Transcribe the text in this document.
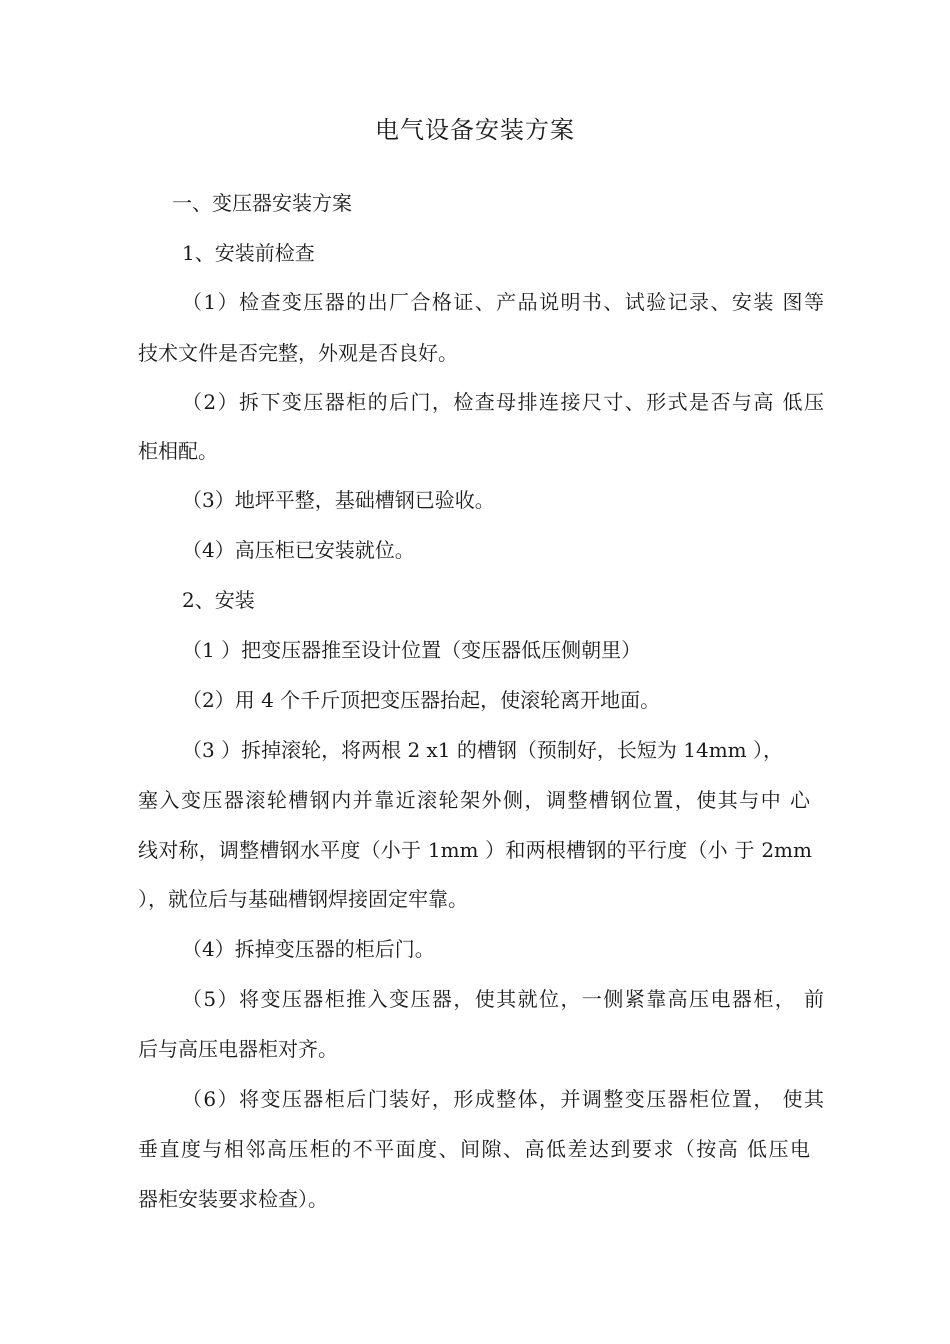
电气设备安装方案
一、变压器安装方案
1、安装前检查
（1）检查变压器的出厂合格证、产品说明书、试验记录、安装 图等
技术文件是否完整，外观是否良好。
（2）拆下变压器柜的后门，检查母排连接尺寸、形式是否与高 低压
柜相配。
（3）地坪平整，基础槽钢已验收。
（4）高压柜已安装就位。
2、安装
（1 ）把变压器推至设计位置（变压器低压侧朝里）
（2）用 4 个千斤顶把变压器抬起，使滚轮离开地面。
（3 ）拆掉滚轮，将两根 2 x1 的槽钢（预制好，长短为 14mm ），
塞入变压器滚轮槽钢内并靠近滚轮架外侧，调整槽钢位置，使其与中 心
线对称，调整槽钢水平度（小于 1mm ）和两根槽钢的平行度（小 于 2mm
），就位后与基础槽钢焊接固定牢靠。
（4）拆掉变压器的柜后门。
（5）将变压器柜推入变压器，使其就位，一侧紧靠高压电器柜， 前
后与高压电器柜对齐。
（6）将变压器柜后门装好，形成整体，并调整变压器柜位置， 使其
垂直度与相邻高压柜的不平面度、间隙、高低差达到要求（按高 低压电
器柜安装要求检查）。
